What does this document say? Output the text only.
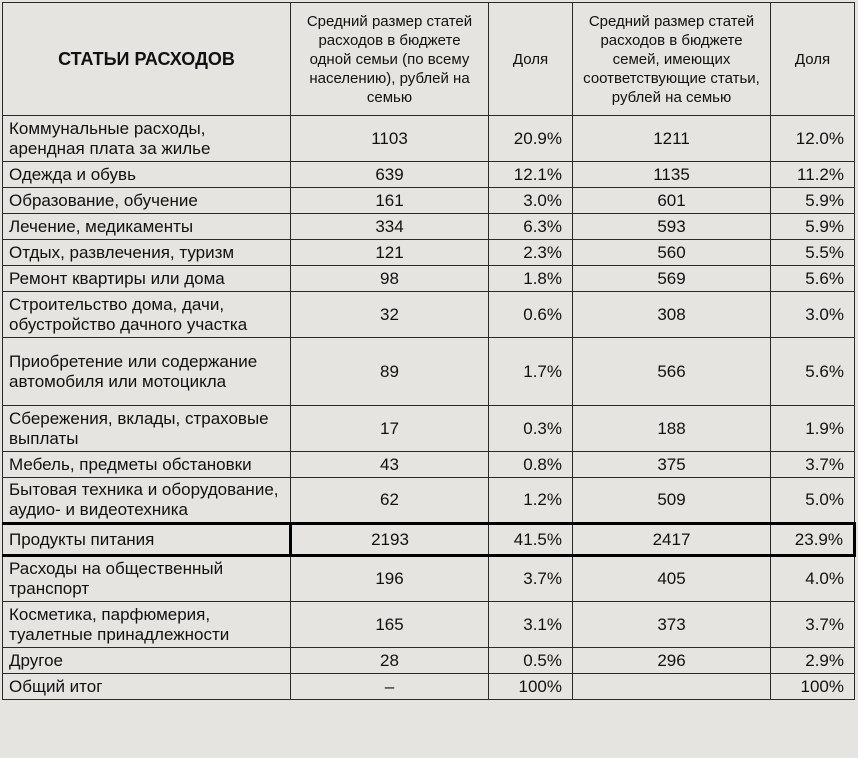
СТАТЬИ РАСХОДОВ	Средний размер статей расходов в бюджете одной семьи (по всему населению), рублей на семью	Доля	Средний размер статей расходов в бюджете семей, имеющих соответствующие статьи, рублей на семью	Доля
Коммунальные расходы, арендная плата за жилье	1103	20.9%	1211	12.0%
Одежда и обувь	639	12.1%	1135	11.2%
Образование, обучение	161	3.0%	601	5.9%
Лечение, медикаменты	334	6.3%	593	5.9%
Отдых, развлечения, туризм	121	2.3%	560	5.5%
Ремонт квартиры или дома	98	1.8%	569	5.6%
Строительство дома, дачи, обустройство дачного участка	32	0.6%	308	3.0%
Приобретение или содержание автомобиля или мотоцикла	89	1.7%	566	5.6%
Сбережения, вклады, страховые выплаты	17	0.3%	188	1.9%
Мебель, предметы обстановки	43	0.8%	375	3.7%
Бытовая техника и оборудование, аудио- и видеотехника	62	1.2%	509	5.0%
Продукты питания	2193	41.5%	2417	23.9%
Расходы на общественный транспорт	196	3.7%	405	4.0%
Косметика, парфюмерия, туалетные принадлежности	165	3.1%	373	3.7%
Другое	28	0.5%	296	2.9%
Общий итог	–	100%		100%
